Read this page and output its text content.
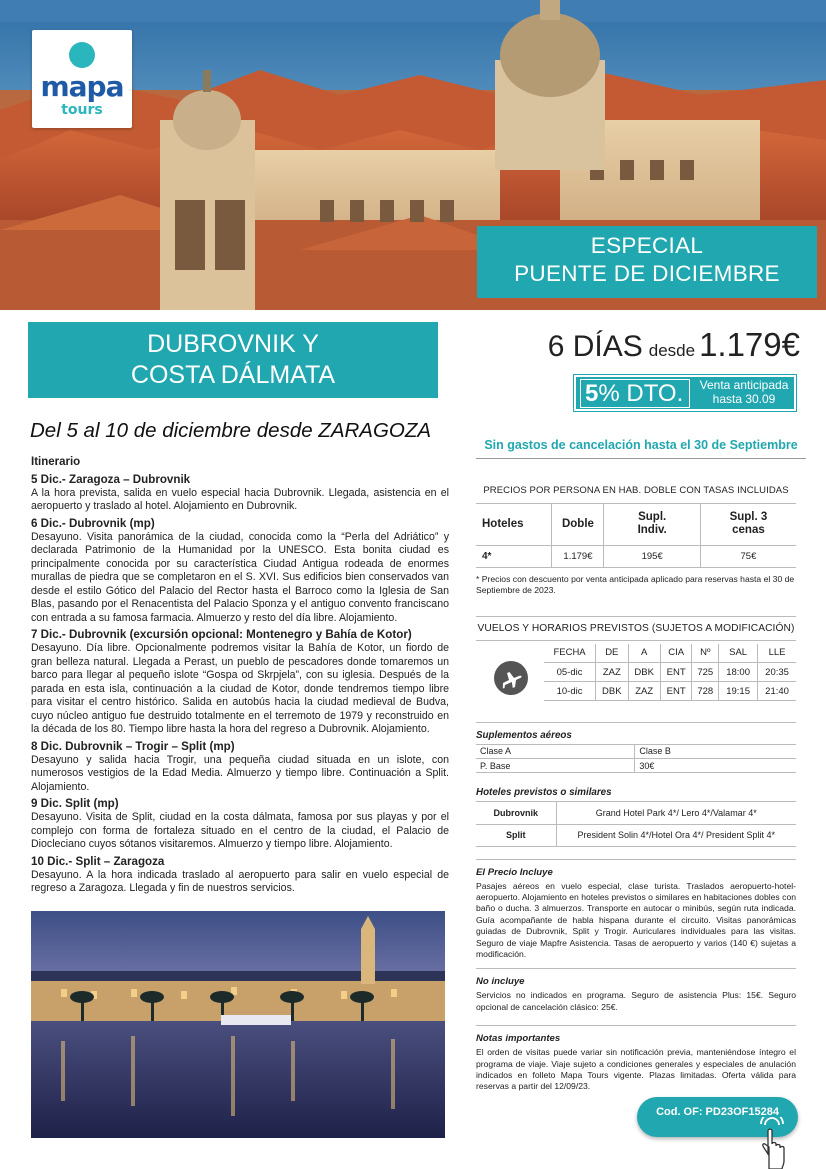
mapa
tours
ESPECIAL
PUENTE DE DICIEMBRE
DUBROVNIK Y
COSTA DÁLMATA
6 DÍAS desde 1.179€
5% DTO.	Venta anticipada
hasta 30.09
Del 5 al 10 de diciembre desde ZARAGOZA
Sin gastos de cancelación hasta el 30 de Septiembre
Itinerario
5 Dic.- Zaragoza – Dubrovnik
A la hora prevista, salida en vuelo especial hacia Dubrovnik. Llegada, asistencia en el aeropuerto y traslado al hotel. Alojamiento en Dubrovnik.
6 Dic.- Dubrovnik (mp)
Desayuno. Visita panorámica de la ciudad, conocida como la “Perla del Adriático” y declarada Patrimonio de la Humanidad por la UNESCO. Esta bonita ciudad es principalmente conocida por su característica Ciudad Antigua rodeada de enormes murallas de piedra que se completaron en el S. XVI. Sus edificios bien conservados van desde el estilo Gótico del Palacio del Rector hasta el Barroco como la Iglesia de San Blas, pasando por el Renacentista del Palacio Sponza y el antiguo convento franciscano con entrada a su famosa farmacia. Almuerzo y resto del día libre. Alojamiento.
7 Dic.- Dubrovnik (excursión opcional: Montenegro y Bahía de Kotor)
Desayuno. Día libre. Opcionalmente podremos visitar la Bahía de Kotor, un fiordo de gran belleza natural. Llegada a Perast, un pueblo de pescadores donde tomaremos un barco para llegar al pequeño islote “Gospa od Skrpjela”, con su iglesia. Después de la parada en esta isla, continuación a la ciudad de Kotor, donde tendremos tiempo libre para visitar el centro histórico. Salida en autobús hacia la ciudad medieval de Budva, cuyo núcleo antiguo fue destruido totalmente en el terremoto de 1979 y reconstruido en la década de los 80. Tiempo libre hasta la hora del regreso a Dubrovnik. Alojamiento.
8 Dic. Dubrovnik – Trogir – Split (mp)
Desayuno y salida hacia Trogir, una pequeña ciudad situada en un islote, con numerosos vestigios de la Edad Media. Almuerzo y tiempo libre. Continuación a Split. Alojamiento.
9 Dic. Split (mp)
Desayuno. Visita de Split, ciudad en la costa dálmata, famosa por sus playas y por el complejo con forma de fortaleza situado en el centro de la ciudad, el Palacio de Diocleciano cuyos sótanos visitaremos. Almuerzo y tiempo libre. Alojamiento.
10 Dic.- Split – Zaragoza
Desayuno. A la hora indicada traslado al aeropuerto para salir en vuelo especial de regreso a Zaragoza. Llegada y fin de nuestros servicios.
PRECIOS POR PERSONA EN HAB. DOBLE CON TASAS INCLUIDAS
Hoteles	Doble	Supl. Indiv.	Supl. 3 cenas
4*	1.179€	195€	75€
* Precios con descuento por venta anticipada aplicado para reservas hasta el 30 de Septiembre de 2023.
VUELOS Y HORARIOS PREVISTOS (SUJETOS A MODIFICACIÓN)
FECHA	DE	A	CIA	Nº	SAL	LLE
05-dic	ZAZ	DBK	ENT	725	18:00	20:35
10-dic	DBK	ZAZ	ENT	728	19:15	21:40
Suplementos aéreos
Clase A	Clase B
P. Base	30€
Hoteles previstos o similares
Dubrovnik	Grand Hotel Park 4*/ Lero 4*/Valamar 4*
Split	President Solin 4*/Hotel Ora 4*/ President Split 4*
El Precio Incluye
Pasajes aéreos en vuelo especial, clase turista. Traslados aeropuerto-hotel-aeropuerto. Alojamiento en hoteles previstos o similares en habitaciones dobles con baño o ducha. 3 almuerzos. Transporte en autocar o minibús, según ruta indicada. Guía acompañante de habla hispana durante el circuito. Visitas panorámicas guiadas de Dubrovnik, Split y Trogir. Auriculares individuales para las visitas. Seguro de viaje Mapfre Asistencia. Tasas de aeropuerto y varios (140 €) sujetas a modificación.
No incluye
Servicios no indicados en programa. Seguro de asistencia Plus: 15€. Seguro opcional de cancelación clásico: 25€.
Notas importantes
El orden de visitas puede variar sin notificación previa, manteniéndose íntegro el programa de viaje. Viaje sujeto a condiciones generales y especiales de anulación indicados en folleto Mapa Tours vigente. Plazas limitadas. Oferta válida para reservas a partir del 12/09/23.
Cod. OF: PD23OF15284
